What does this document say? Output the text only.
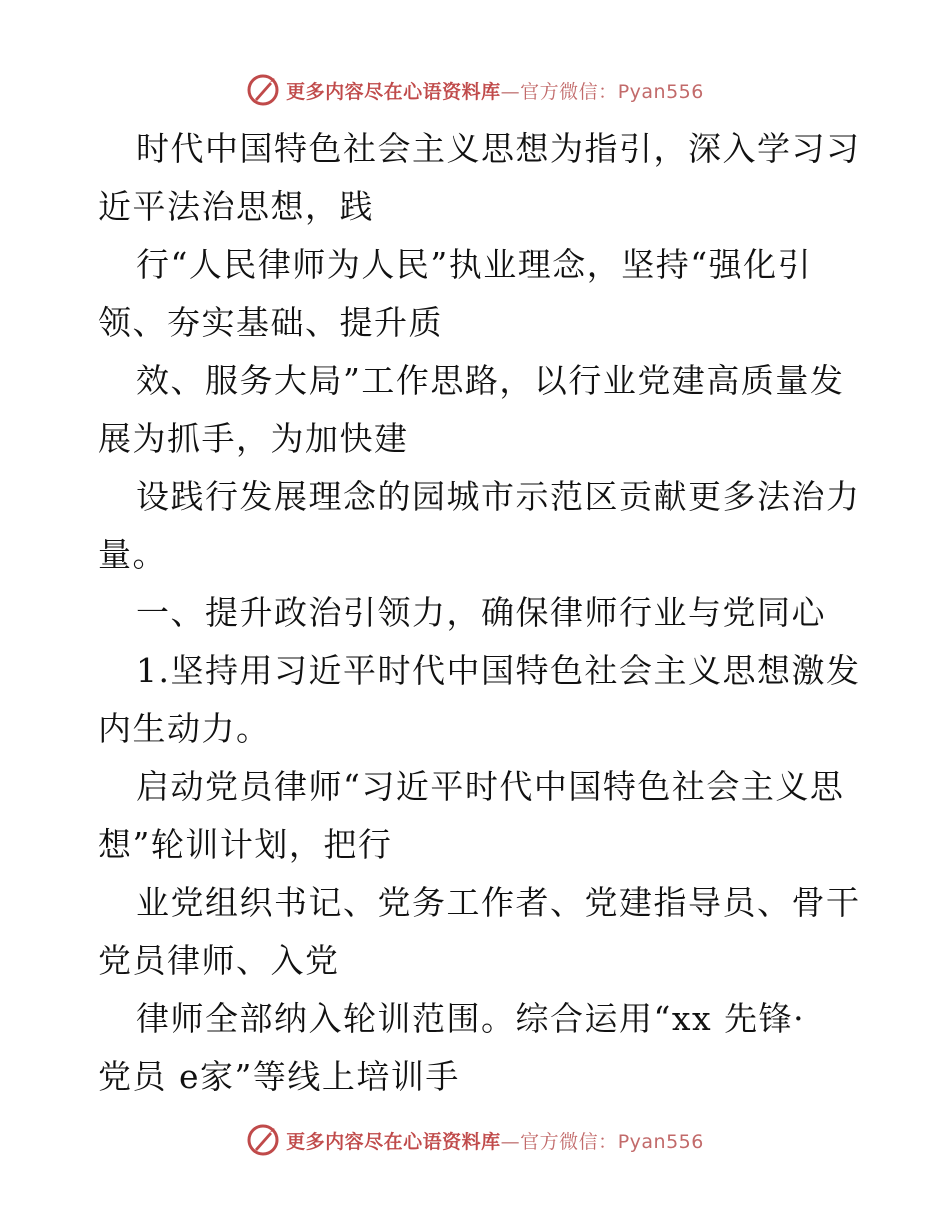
更多内容尽在心语资料库—官方微信：Pyan556
时代中国特色社会主义思想为指引，深入学习习
近平法治思想，践
行“人民律师为人民”执业理念，坚持“强化引
领、夯实基础、提升质
效、服务大局”工作思路，以行业党建高质量发
展为抓手，为加快建
设践行发展理念的园城市示范区贡献更多法治力
量。
一、提升政治引领力，确保律师行业与党同心
1.坚持用习近平时代中国特色社会主义思想激发
内生动力。
启动党员律师“习近平时代中国特色社会主义思
想”轮训计划，把行
业党组织书记、党务工作者、党建指导员、骨干
党员律师、入党
律师全部纳入轮训范围。综合运用“xx 先锋·
党员 e家”等线上培训手
更多内容尽在心语资料库—官方微信：Pyan556
